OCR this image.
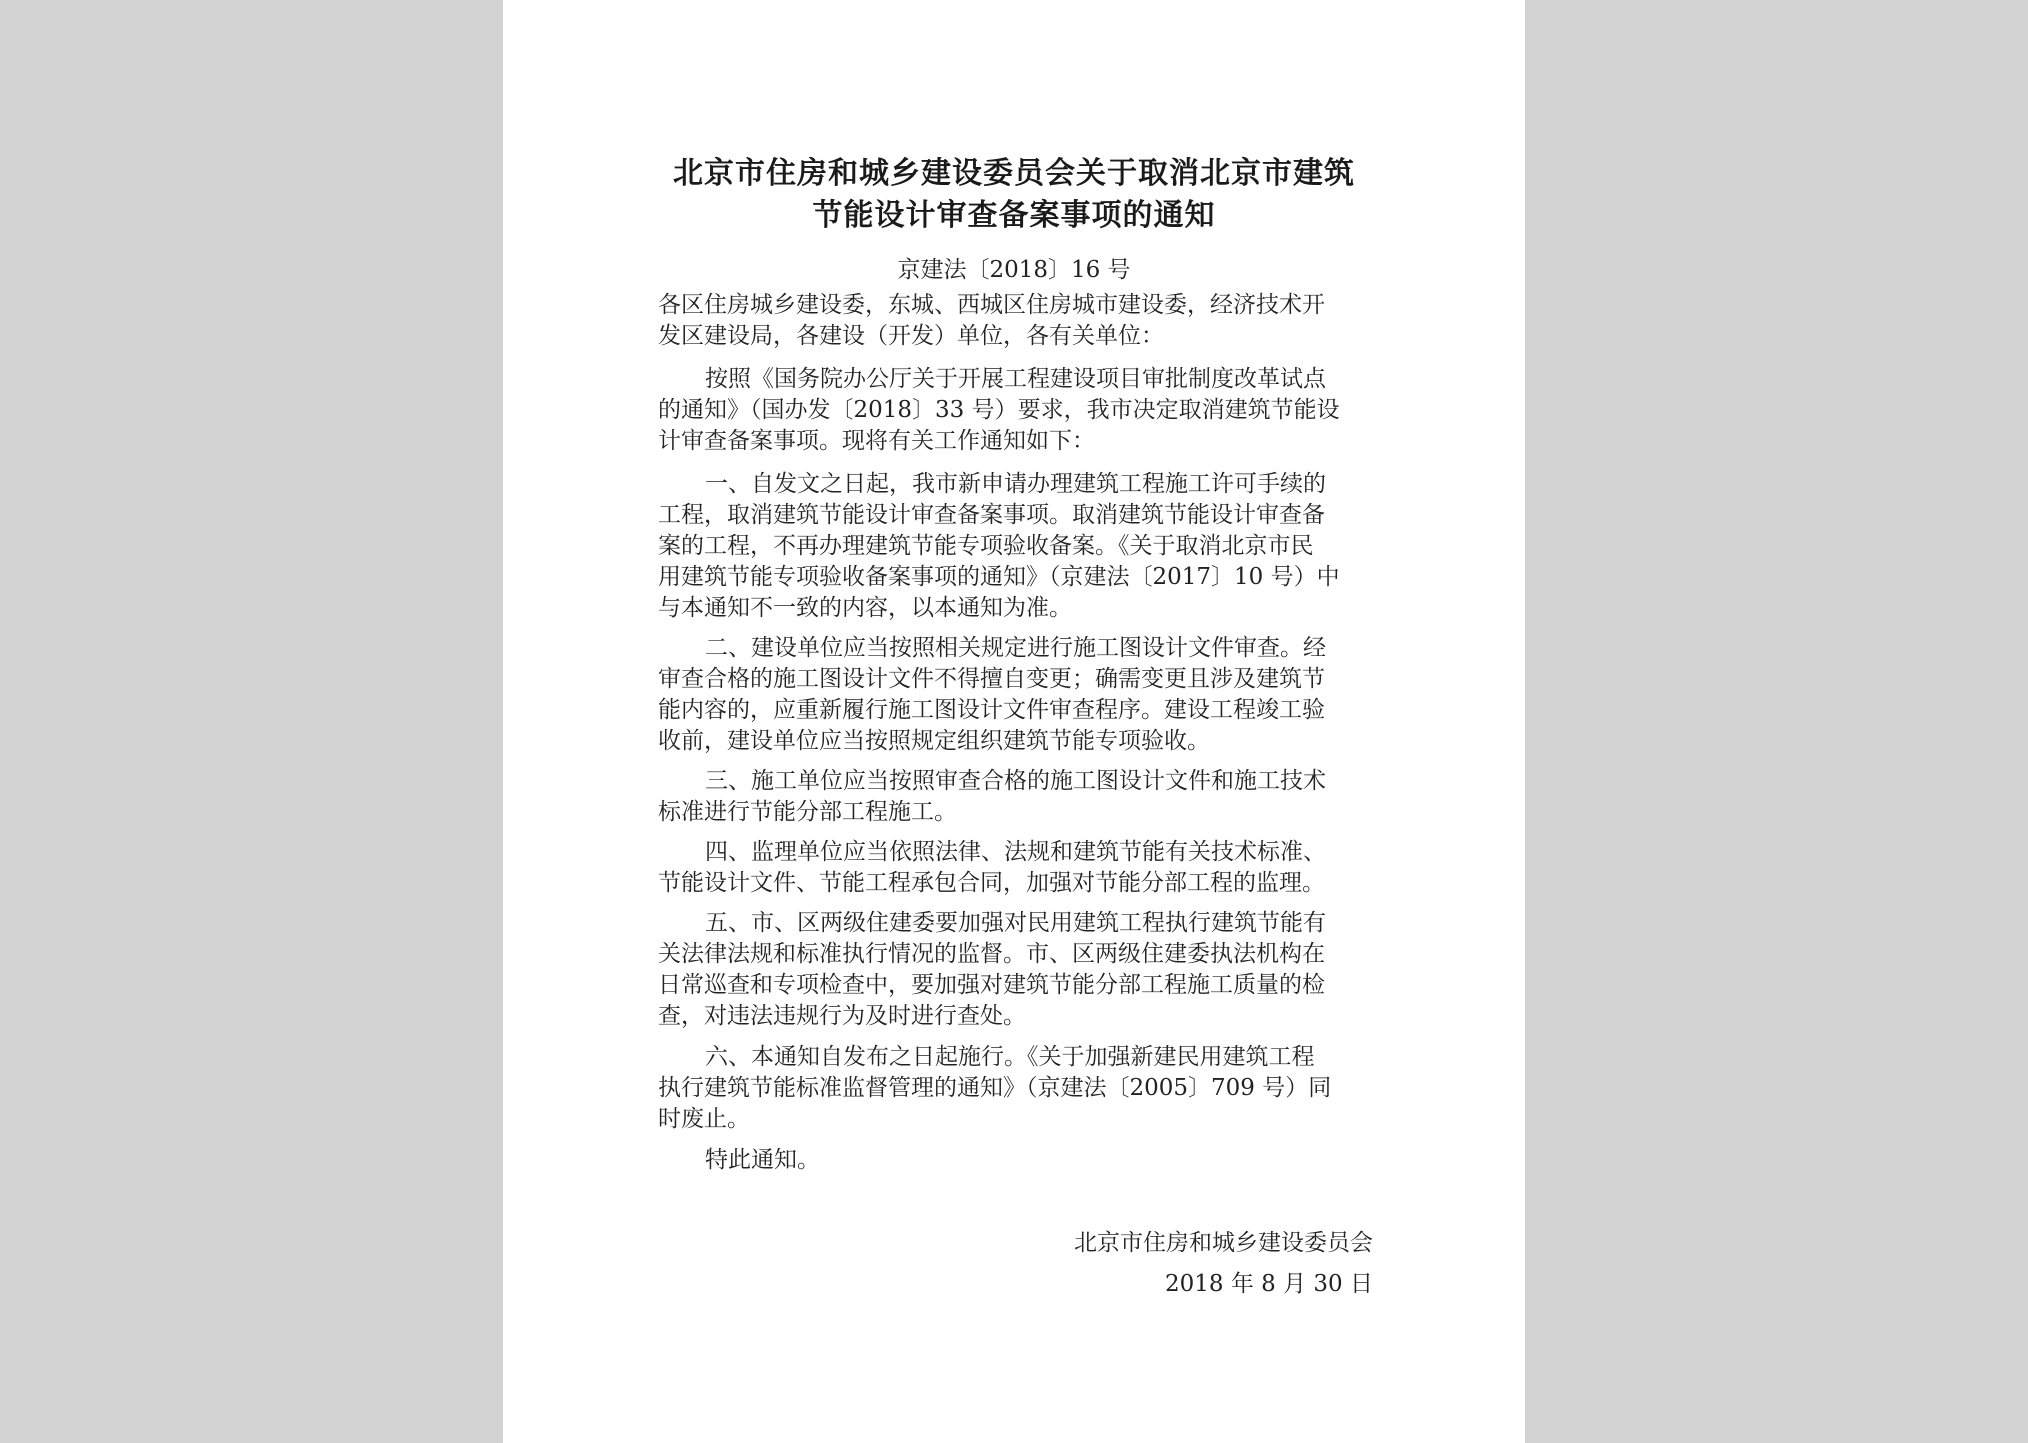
北京市住房和城乡建设委员会关于取消北京市建筑
节能设计审查备案事项的通知
京建法〔2018〕16 号
各区住房城乡建设委，东城、西城区住房城市建设委，经济技术开
发区建设局，各建设（开发）单位，各有关单位：
按照《国务院办公厅关于开展工程建设项目审批制度改革试点
的通知》（国办发〔2018〕33 号）要求，我市决定取消建筑节能设
计审查备案事项。现将有关工作通知如下：
一、自发文之日起，我市新申请办理建筑工程施工许可手续的
工程，取消建筑节能设计审查备案事项。取消建筑节能设计审查备
案的工程，不再办理建筑节能专项验收备案。《关于取消北京市民
用建筑节能专项验收备案事项的通知》（京建法〔2017〕10 号）中
与本通知不一致的内容，以本通知为准。
二、建设单位应当按照相关规定进行施工图设计文件审查。经
审查合格的施工图设计文件不得擅自变更；确需变更且涉及建筑节
能内容的，应重新履行施工图设计文件审查程序。建设工程竣工验
收前，建设单位应当按照规定组织建筑节能专项验收。
三、施工单位应当按照审查合格的施工图设计文件和施工技术
标准进行节能分部工程施工。
四、监理单位应当依照法律、法规和建筑节能有关技术标准、
节能设计文件、节能工程承包合同，加强对节能分部工程的监理。
五、市、区两级住建委要加强对民用建筑工程执行建筑节能有
关法律法规和标准执行情况的监督。市、区两级住建委执法机构在
日常巡查和专项检查中，要加强对建筑节能分部工程施工质量的检
查，对违法违规行为及时进行查处。
六、本通知自发布之日起施行。《关于加强新建民用建筑工程
执行建筑节能标准监督管理的通知》（京建法〔2005〕709 号）同
时废止。
特此通知。
北京市住房和城乡建设委员会
2018 年 8 月 30 日
